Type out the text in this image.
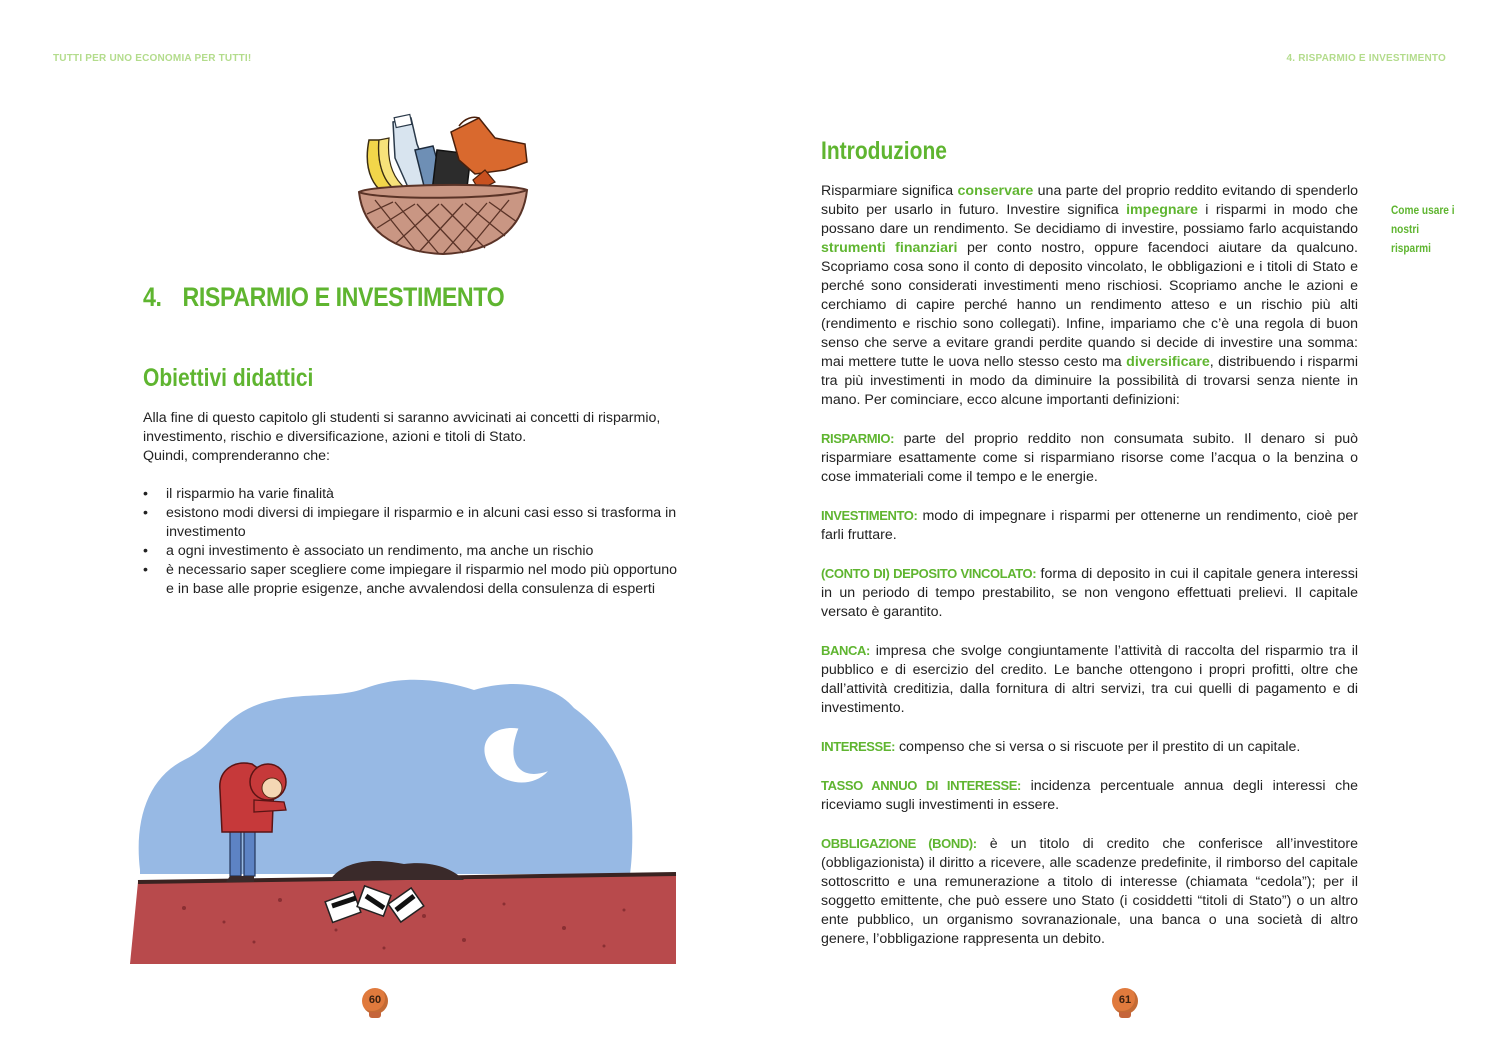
TUTTI PER UNO ECONOMIA PER TUTTI!
4. RISPARMIO E INVESTIMENTO
Obiettivi didattici
Alla fine di questo capitolo gli studenti si saranno avvicinati ai concetti di risparmio, investimento, rischio e diversificazione, azioni e titoli di Stato.
Quindi, comprenderanno che:
• il risparmio ha varie finalità
• esistono modi diversi di impiegare il risparmio e in alcuni casi esso si trasforma in investimento
• a ogni investimento è associato un rendimento, ma anche un rischio
• è necessario saper scegliere come impiegare il risparmio nel modo più opportuno e in base alle proprie esigenze, anche avvalendosi della consulenza di esperti
60
4. RISPARMIO E INVESTIMENTO
Introduzione
Come usare i nostri risparmi

Risparmiare significa conservare una parte del proprio reddito evitando di spenderlo subito per usarlo in futuro. Investire significa impegnare i risparmi in modo che possano dare un rendimento. Se decidiamo di investire, possiamo farlo acquistando strumenti finanziari per conto nostro, oppure facendoci aiutare da qualcuno. Scopriamo cosa sono il conto di deposito vincolato, le obbligazioni e i titoli di Stato e perché sono considerati investimenti meno rischiosi. Scopriamo anche le azioni e cerchiamo di capire perché hanno un rendimento atteso e un rischio più alti (rendimento e rischio sono collegati). Infine, impariamo che c’è una regola di buon senso che serve a evitare grandi perdite quando si decide di investire una somma: mai mettere tutte le uova nello stesso cesto ma diversificare, distribuendo i risparmi tra più investimenti in modo da diminuire la possibilità di trovarsi senza niente in mano. Per cominciare, ecco alcune importanti definizioni:

RISPARMIO: parte del proprio reddito non consumata subito. Il denaro si può risparmiare esattamente come si risparmiano risorse come l’acqua o la benzina o cose immateriali come il tempo e le energie.

INVESTIMENTO: modo di impegnare i risparmi per ottenerne un rendimento, cioè per farli fruttare.

(CONTO DI) DEPOSITO VINCOLATO: forma di deposito in cui il capitale genera interessi in un periodo di tempo prestabilito, se non vengono effettuati prelievi. Il capitale versato è garantito.

BANCA: impresa che svolge congiuntamente l’attività di raccolta del risparmio tra il pubblico e di esercizio del credito. Le banche ottengono i propri profitti, oltre che dall’attività creditizia, dalla fornitura di altri servizi, tra cui quelli di pagamento e di investimento.

INTERESSE: compenso che si versa o si riscuote per il prestito di un capitale.

TASSO ANNUO DI INTERESSE: incidenza percentuale annua degli interessi che riceviamo sugli investimenti in essere.

OBBLIGAZIONE (BOND): è un titolo di credito che conferisce all’investitore (obbligazionista) il diritto a ricevere, alle scadenze predefinite, il rimborso del capitale sottoscritto e una remunerazione a titolo di interesse (chiamata “cedola”); per il soggetto emittente, che può essere uno Stato (i cosiddetti “titoli di Stato”) o un altro ente pubblico, un organismo sovranazionale, una banca o una società di altro genere, l’obbligazione rappresenta un debito.

61
